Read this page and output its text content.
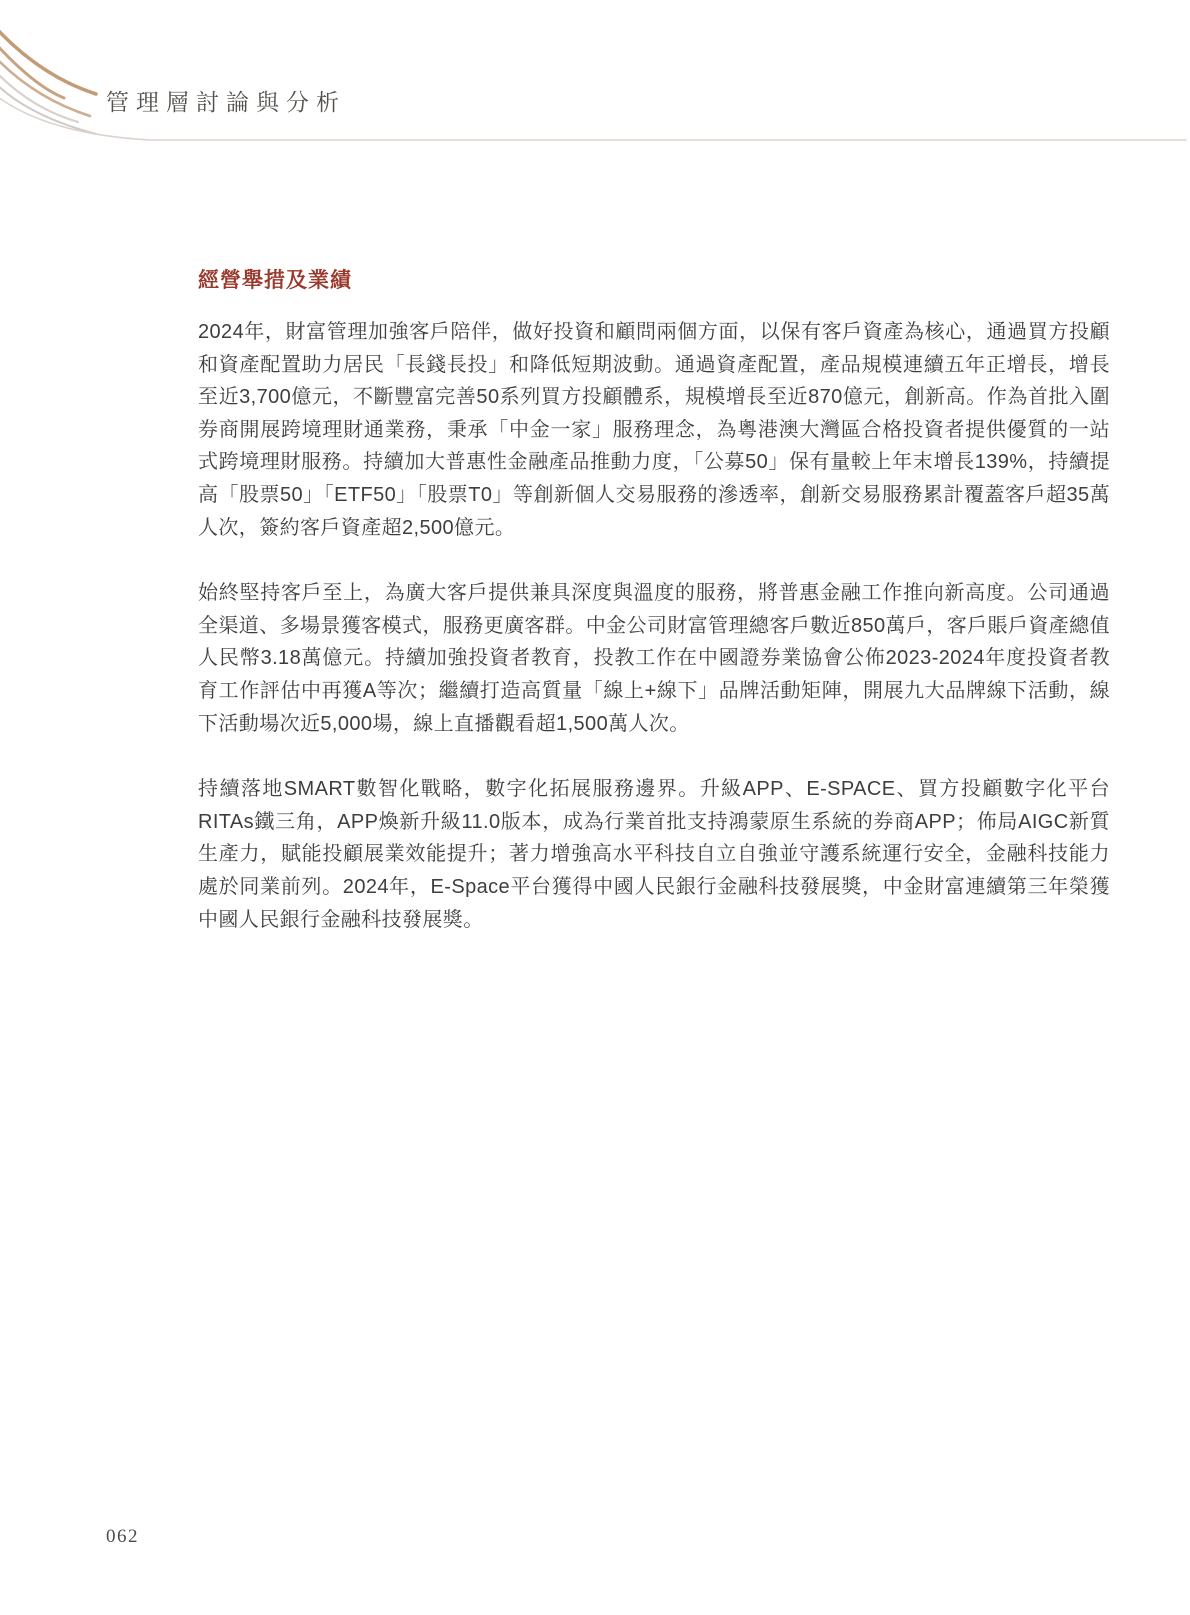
管理層討論與分析
經營舉措及業績

2024年，財富管理加強客戶陪伴，做好投資和顧問兩個方面，以保有客戶資產為核心，通過買方投顧和資產配置助力居民「長錢長投」和降低短期波動。通過資產配置，產品規模連續五年正增長，增長至近3,700億元，不斷豐富完善50系列買方投顧體系，規模增長至近870億元，創新高。作為首批入圍券商開展跨境理財通業務，秉承「中金一家」服務理念，為粵港澳大灣區合格投資者提供優質的一站式跨境理財服務。持續加大普惠性金融產品推動力度，「公募50」保有量較上年末增長139%，持續提高「股票50」「ETF50」「股票T0」等創新個人交易服務的滲透率，創新交易服務累計覆蓋客戶超35萬人次，簽約客戶資產超2,500億元。

始終堅持客戶至上，為廣大客戶提供兼具深度與溫度的服務，將普惠金融工作推向新高度。公司通過全渠道、多場景獲客模式，服務更廣客群。中金公司財富管理總客戶數近850萬戶，客戶賬戶資產總值人民幣3.18萬億元。持續加強投資者教育，投教工作在中國證券業協會公佈2023-2024年度投資者教育工作評估中再獲A等次；繼續打造高質量「線上+線下」品牌活動矩陣，開展九大品牌線下活動，線下活動場次近5,000場，線上直播觀看超1,500萬人次。

持續落地SMART數智化戰略，數字化拓展服務邊界。升級APP、E-SPACE、買方投顧數字化平台RITAs鐵三角，APP煥新升級11.0版本，成為行業首批支持鴻蒙原生系統的券商APP；佈局AIGC新質生產力，賦能投顧展業效能提升；著力增強高水平科技自立自強並守護系統運行安全，金融科技能力處於同業前列。2024年，E-Space平台獲得中國人民銀行金融科技發展獎，中金財富連續第三年榮獲中國人民銀行金融科技發展獎。

062
